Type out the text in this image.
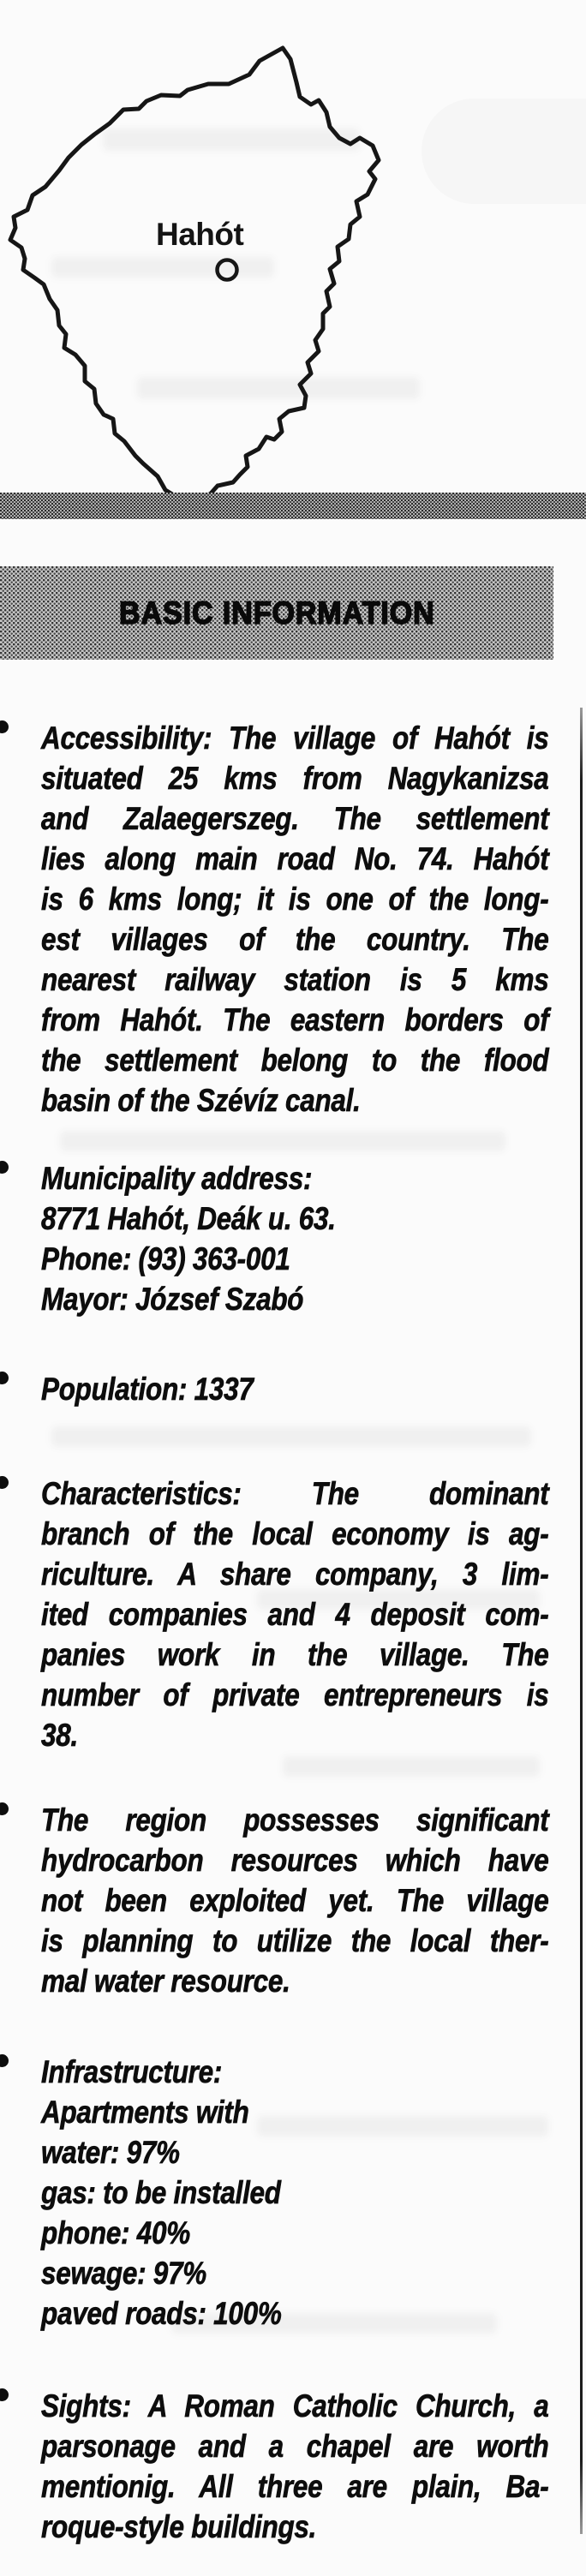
Hahót
BASIC INFORMATION
Accessibility: The village of Hahót is
situated 25 kms from Nagykanizsa
and Zalaegerszeg. The settlement
lies along main road No. 74. Hahót
is 6 kms long; it is one of the long-
est villages of the country. The
nearest railway station is 5 kms
from Hahót. The eastern borders of
the settlement belong to the flood
basin of the Szévíz canal.
Municipality address:
8771 Hahót, Deák u. 63.
Phone: (93) 363-001
Mayor: József Szabó
Population: 1337
Characteristics: The dominant
branch of the local economy is ag-
riculture. A share company, 3 lim-
ited companies and 4 deposit com-
panies work in the village. The
number of private entrepreneurs is
38.
The region possesses significant
hydrocarbon resources which have
not been exploited yet. The village
is planning to utilize the local ther-
mal water resource.
Infrastructure:
Apartments with
water: 97%
gas: to be installed
phone: 40%
sewage: 97%
paved roads: 100%
Sights: A Roman Catholic Church, a
parsonage and a chapel are worth
mentionig. All three are plain, Ba-
roque-style buildings.
